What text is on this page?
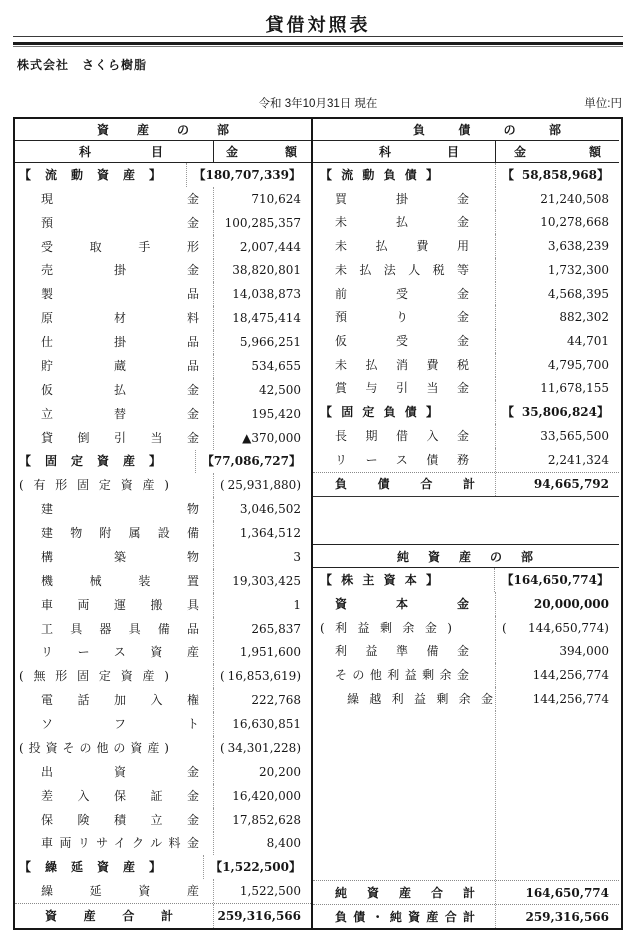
貸借対照表
株式会社　さくら樹脂
令和 3年10月31日 現在	単位:円
資産の部
科目	金額
【流動資産】	【 180,707,339】
現金	710,624
預金	100,285,357
受取手形	2,007,444
売掛金	38,820,801
製品	14,038,873
原材料	18,475,414
仕掛品	5,966,251
貯蔵品	534,655
仮払金	42,500
立替金	195,420
貸倒引当金	▲370,000
【固定資産】	【 77,086,727】
(有形固定資産)	( 25,931,880)
建物	3,046,502
建物附属設備	1,364,512
構築物	3
機械装置	19,303,425
車両運搬具	1
工具器具備品	265,837
リース資産	1,951,600
(無形固定資産)	( 16,853,619)
電話加入権	222,768
ソフト	16,630,851
(投資その他の資産)	( 34,301,228)
出資金	20,200
差入保証金	16,420,000
保険積立金	17,852,628
車両リサイクル料金	8,400
【繰延資産】	【 1,522,500】
繰延資産	1,522,500
資産合計	259,316,566
負債の部
科目	金額
【流動負債】	【 58,858,968】
買掛金	21,240,508
未払金	10,278,668
未払費用	3,638,239
未払法人税等	1,732,300
前受金	4,568,395
預り金	882,302
仮受金	44,701
未払消費税	4,795,700
賞与引当金	11,678,155
【固定負債】	【 35,806,824】
長期借入金	33,565,500
リース債務	2,241,324
負債合計	94,665,792
純資産の部
【株主資本】	【 164,650,774】
資本金	20,000,000
(利益剰余金)	( 144,650,774)
利益準備金	394,000
その他利益剰余金	144,256,774
繰越利益剰余金	144,256,774
純資産合計	164,650,774
負債・純資産合計	259,316,566
